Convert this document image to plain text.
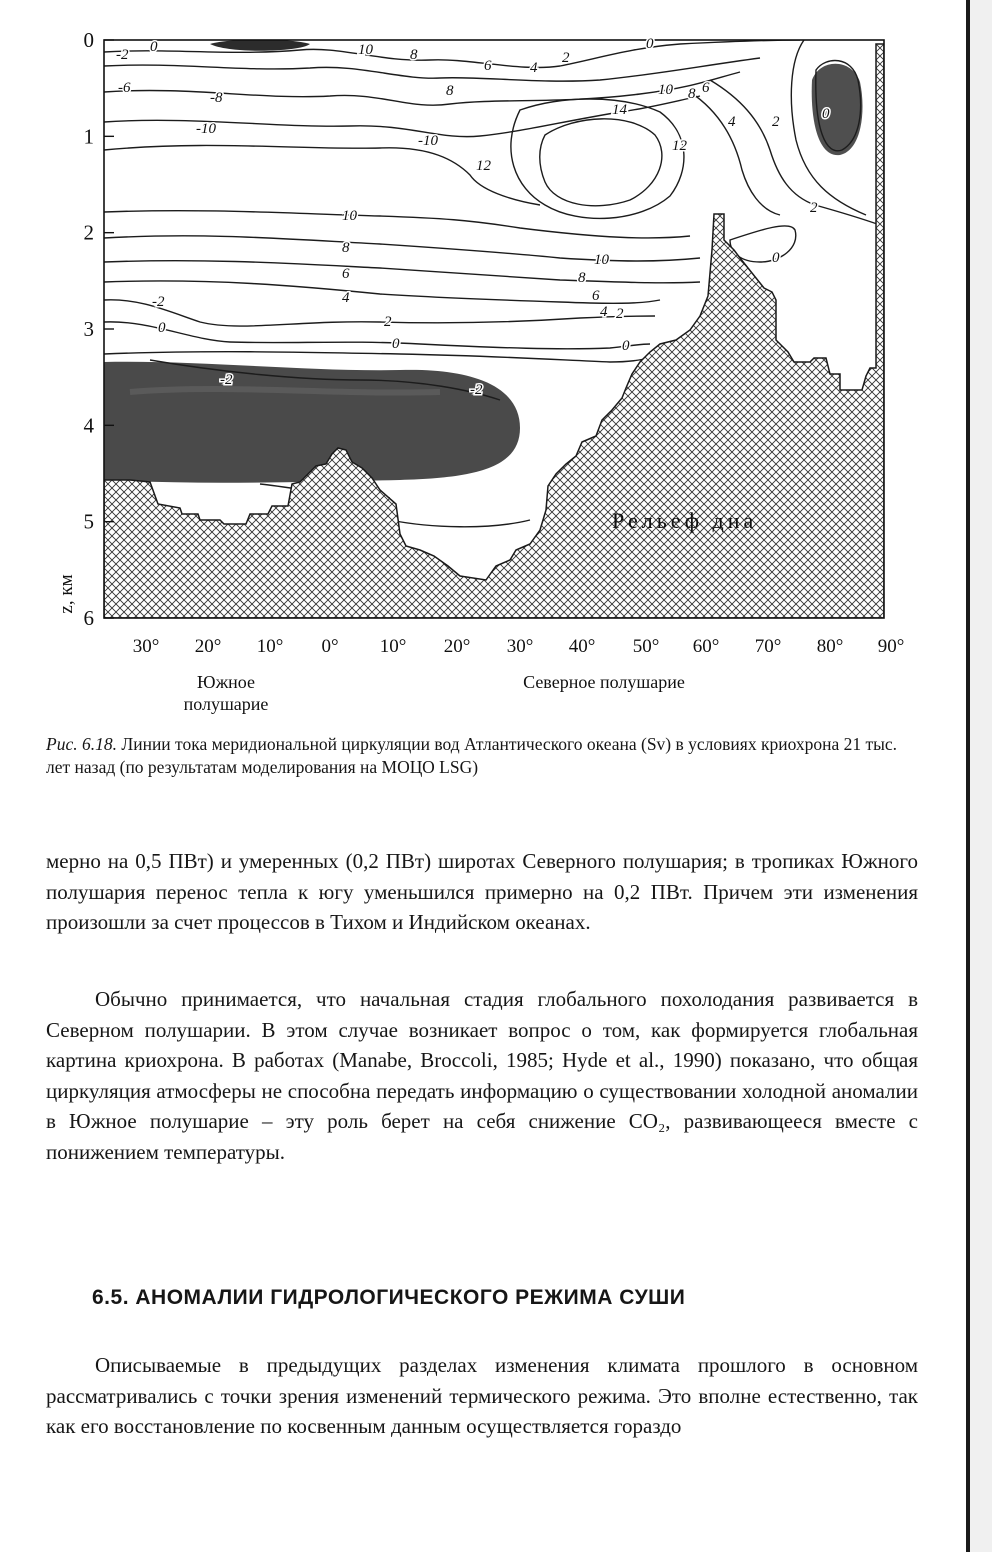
-2 0	10 8
6	4
2
0
-6
-8
-10
-10
8	10
14
12
12
8 6
4 2
2
0
10
8
6
4
-2
0	2
0
10
8
6
4 2
0
-2
-2
0
Рельеф дна
0
1
2
3
4
5
6
30° 20° 10° 0° 10° 20° 30° 40° 50° 60° 70° 80° 90°
z, км
Южное полушарие
Северное полушарие
Рис. 6.18. Линии тока меридиональной циркуляции вод Атлантического океана (Sv) в условиях криохрона 21 тыс. лет назад (по результатам моделирования на МОЦО LSG)

мерно на 0,5 ПВт) и умеренных (0,2 ПВт) широтах Северного полушария; в тропиках Южного полушария перенос тепла к югу уменьшился примерно на 0,2 ПВт. Причем эти изменения произошли за счет процессов в Тихом и Индийском океанах.

Обычно принимается, что начальная стадия глобального похолодания развивается в Северном полушарии. В этом случае возникает вопрос о том, как формируется глобальная картина криохрона. В работах (Manabe, Broccoli, 1985; Hyde et al., 1990) показано, что общая циркуляция атмосферы не способна передать информацию о существовании холодной аномалии в Южное полушарие – эту роль берет на себя снижение CO₂, развивающееся вместе с понижением температуры.

6.5. АНОМАЛИИ ГИДРОЛОГИЧЕСКОГО РЕЖИМА СУШИ

Описываемые в предыдущих разделах изменения климата прошлого в основном рассматривались с точки зрения изменений термического режима. Это вполне естественно, так как его восстановление по косвенным данным осуществляется гораздо
